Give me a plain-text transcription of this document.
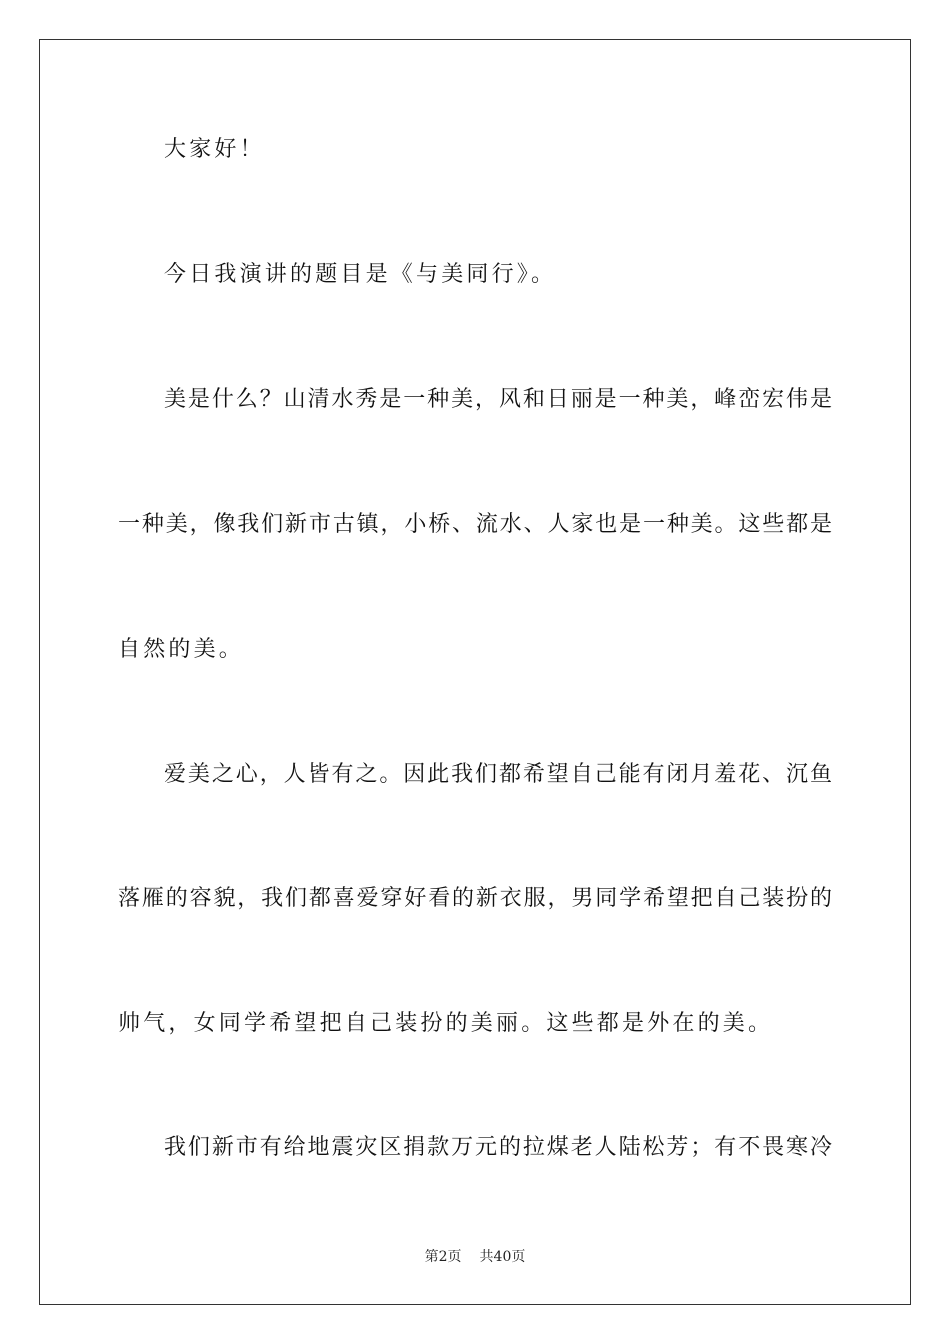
大家好！
今日我演讲的题目是《与美同行》。
美是什么？山清水秀是一种美，风和日丽是一种美，峰峦宏伟是
一种美，像我们新市古镇，小桥、流水、人家也是一种美。这些都是
自然的美。
爱美之心，人皆有之。因此我们都希望自己能有闭月羞花、沉鱼
落雁的容貌，我们都喜爱穿好看的新衣服，男同学希望把自己装扮的
帅气，女同学希望把自己装扮的美丽。这些都是外在的美。
我们新市有给地震灾区捐款万元的拉煤老人陆松芳；有不畏寒冷
第2页 共40页
